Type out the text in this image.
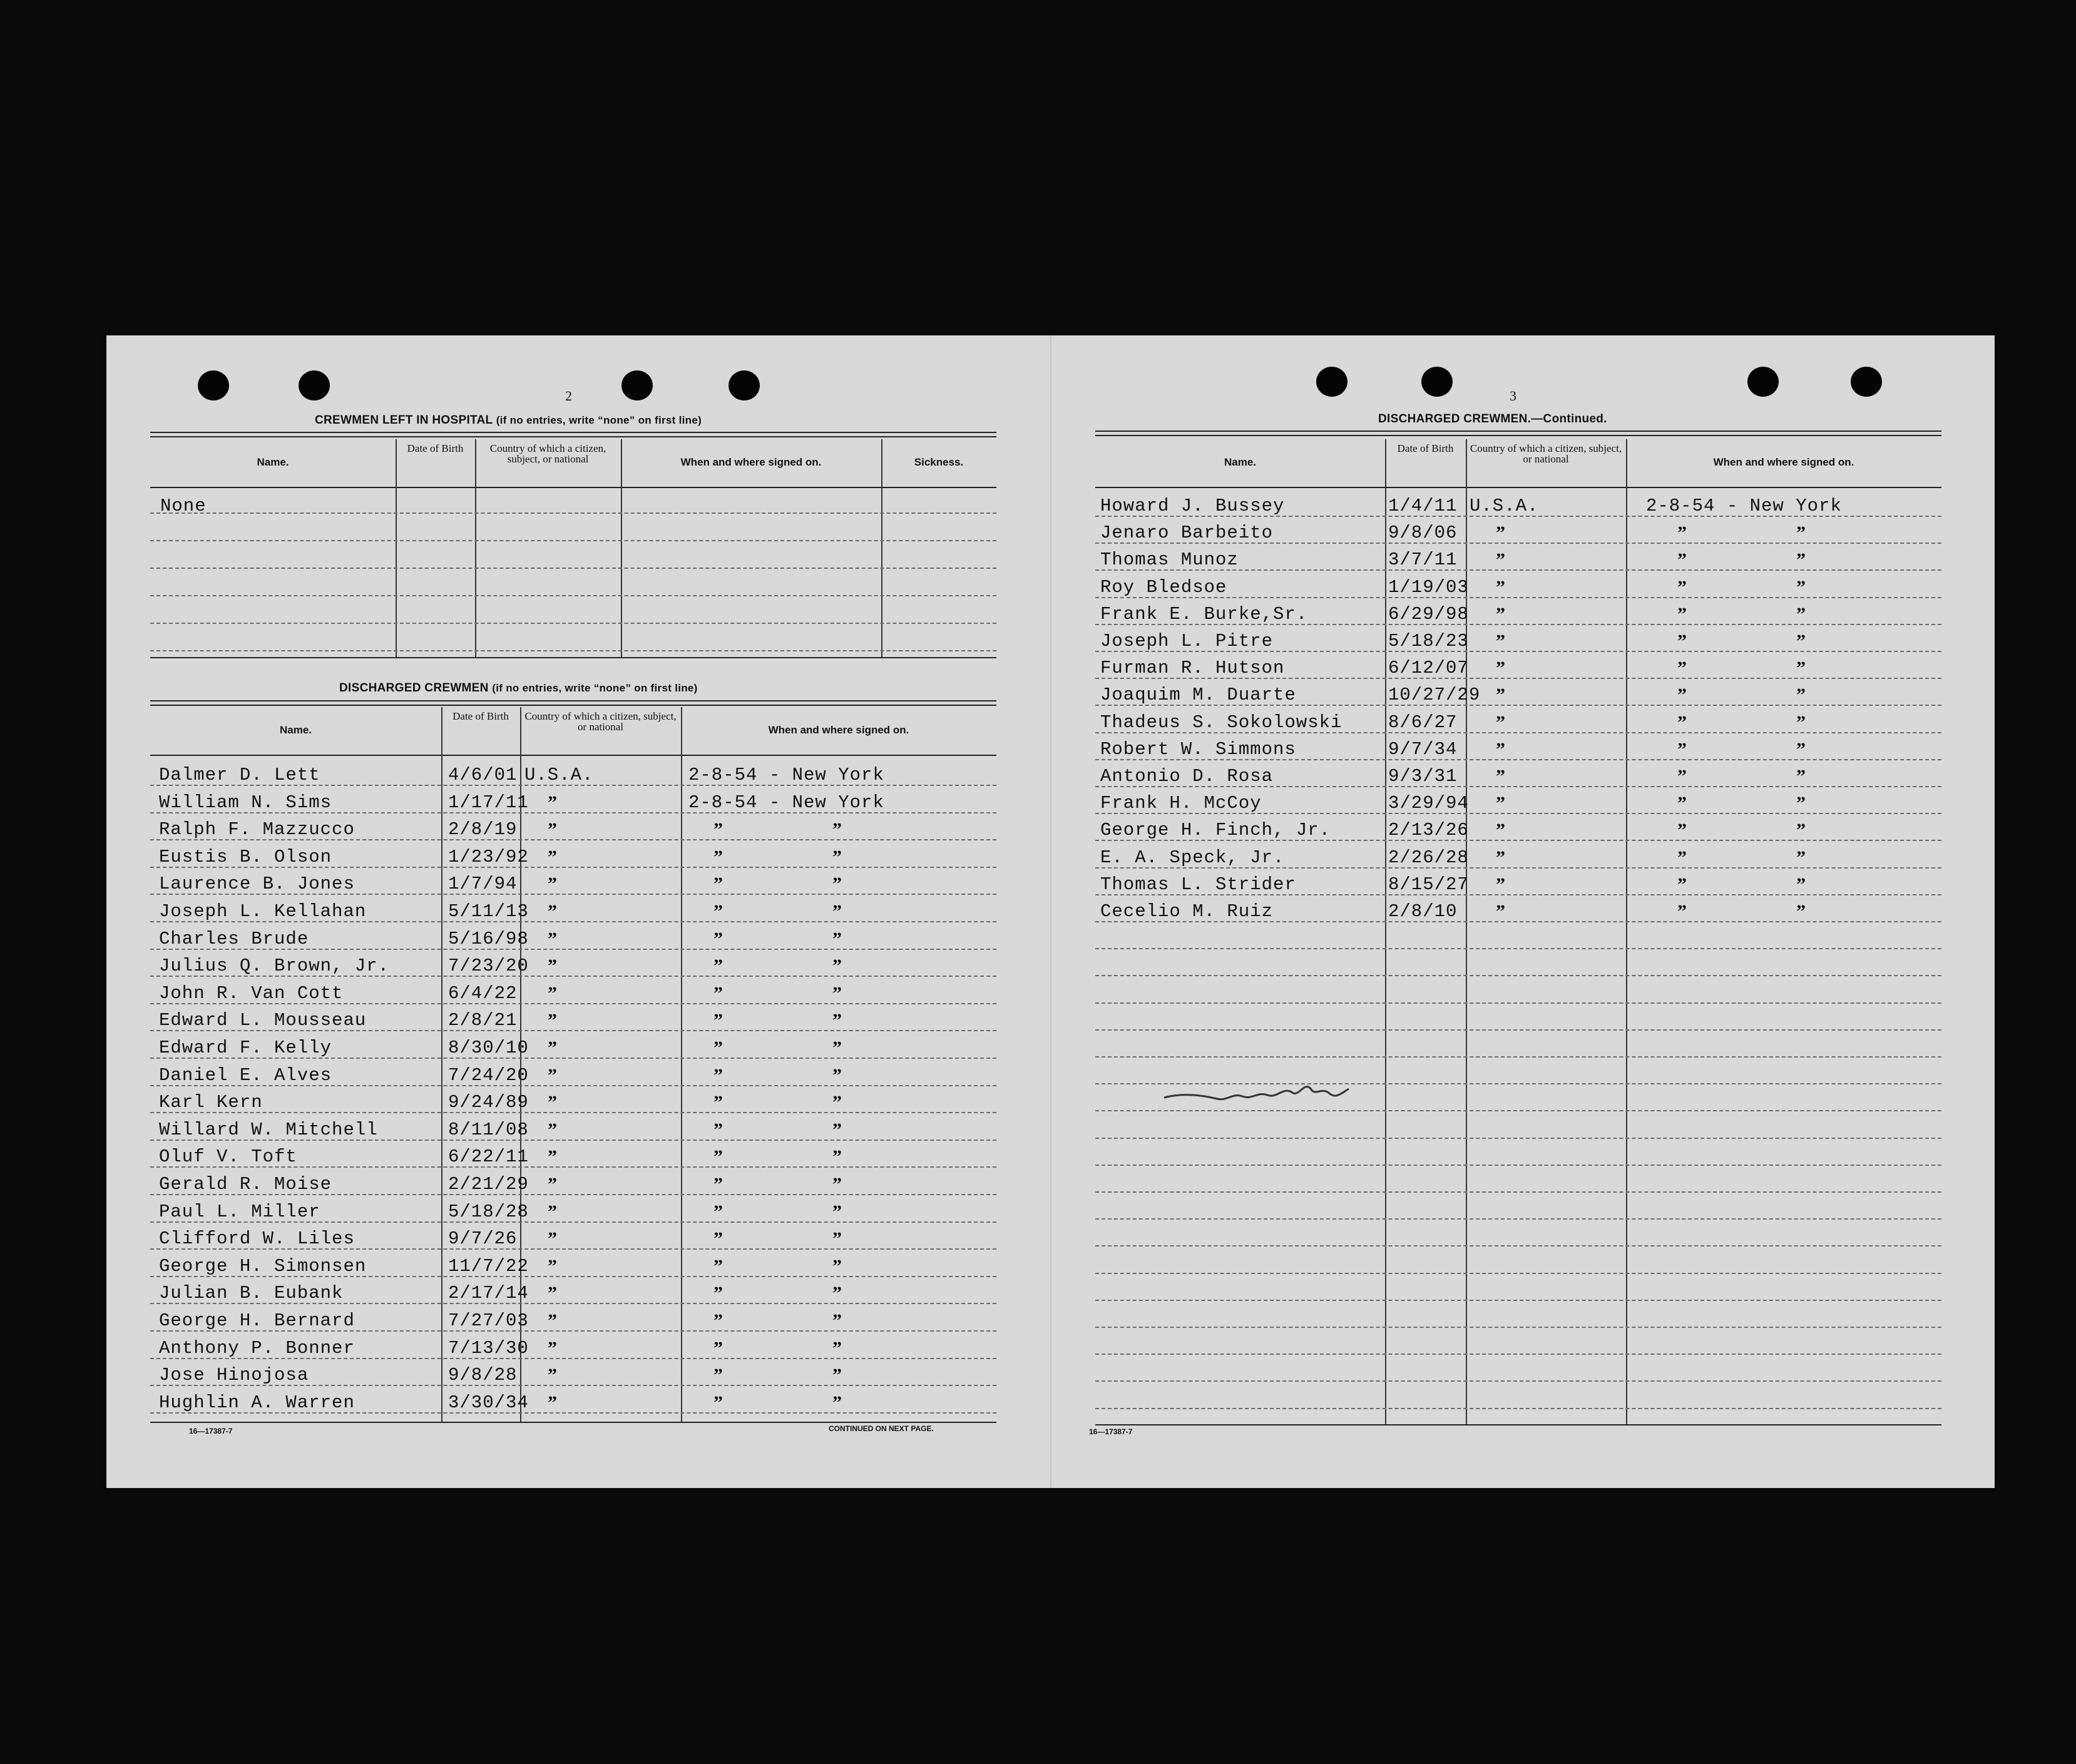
2
CREWMEN LEFT IN HOSPITAL (if no entries, write “none” on first line)
Name.
Date of Birth	Country of which a citizen, subject, or national	When and where signed on.	Sickness.
None
DISCHARGED CREWMEN (if no entries, write “none” on first line)
Name.
Date of Birth	Country of which a citizen, subject, or national	When and where signed on.
Dalmer D. Lett	4/6/01 U.S.A.	2-8-54 - New York
William N. Sims	1/17/11 ”	2-8-54 - New York
Ralph F. Mazzucco	2/8/19 ”	”	”
Eustis B. Olson	1/23/92 ”	”	”
Laurence B. Jones	1/7/94 ”	”	”
Joseph L. Kellahan	5/11/13 ”	”	”
Charles Brude	5/16/98 ”	”	”
Julius Q. Brown, Jr.	7/23/20 ”	”	”
John R. Van Cott	6/4/22 ”	”	”
Edward L. Mousseau	2/8/21 ”	”	”
Edward F. Kelly	8/30/10 ”	”	”
Daniel E. Alves	7/24/20 ”	”	”
Karl Kern	9/24/89 ”	”	”
Willard W. Mitchell	8/11/08 ”	”	”
Oluf V. Toft	6/22/11 ”	”	”
Gerald R. Moise	2/21/29 ”	”	”
Paul L. Miller	5/18/28 ”	”	”
Clifford W. Liles	9/7/26 ”	”	”
George H. Simonsen	11/7/22 ”	”	”
Julian B. Eubank	2/17/14 ”	”	”
George H. Bernard	7/27/03 ”	”	”
Anthony P. Bonner	7/13/30 ”	”	”
Jose Hinojosa	9/8/28 ”	”	”
Hughlin A. Warren	3/30/34 ”	”	”
16—17387-7	CONTINUED ON NEXT PAGE.
3
DISCHARGED CREWMEN.—Continued.
Name.
Date of Birth	Country of which a citizen, subject, or national	When and where signed on.
Howard J. Bussey	1/4/11 U.S.A.	2-8-54 - New York
Jenaro Barbeito	9/8/06 ”	”	”
Thomas Munoz	3/7/11 ”	”	”
Roy Bledsoe	1/19/03 ”	”	”
Frank E. Burke,Sr.	6/29/98 ”	”	”
Joseph L. Pitre	5/18/23 ”	”	”
Furman R. Hutson	6/12/07 ”	”	”
Joaquim M. Duarte	10/27/29 ”	”	”
Thadeus S. Sokolowski	8/6/27 ”	”	”
Robert W. Simmons	9/7/34 ”	”	”
Antonio D. Rosa	9/3/31 ”	”	”
Frank H. McCoy	3/29/94 ”	”	”
George H. Finch, Jr.	2/13/26 ”	”	”
E. A. Speck, Jr.	2/26/28 ”	”	”
Thomas L. Strider	8/15/27 ”	”	”
Cecelio M. Ruiz	2/8/10 ”	”	”
16—17387-7
